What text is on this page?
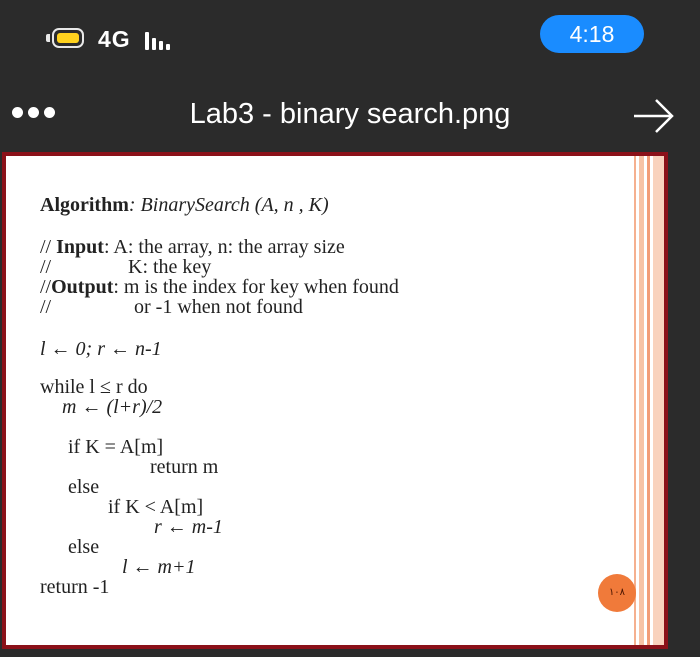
4G	4:18
Lab3 - binary search.png
Algorithm: BinarySearch (A, n , K)
// Input: A: the array, n: the array size
//	K: the key
//Output: m is the index for key when found
//	or -1 when not found
l ← 0; r ← n-1
while l ≤ r do
m ← (l+r)/2
if K = A[m]
return m
else
if K < A[m]
r ← m-1
else
l ← m+1
return -1	١٠٨
